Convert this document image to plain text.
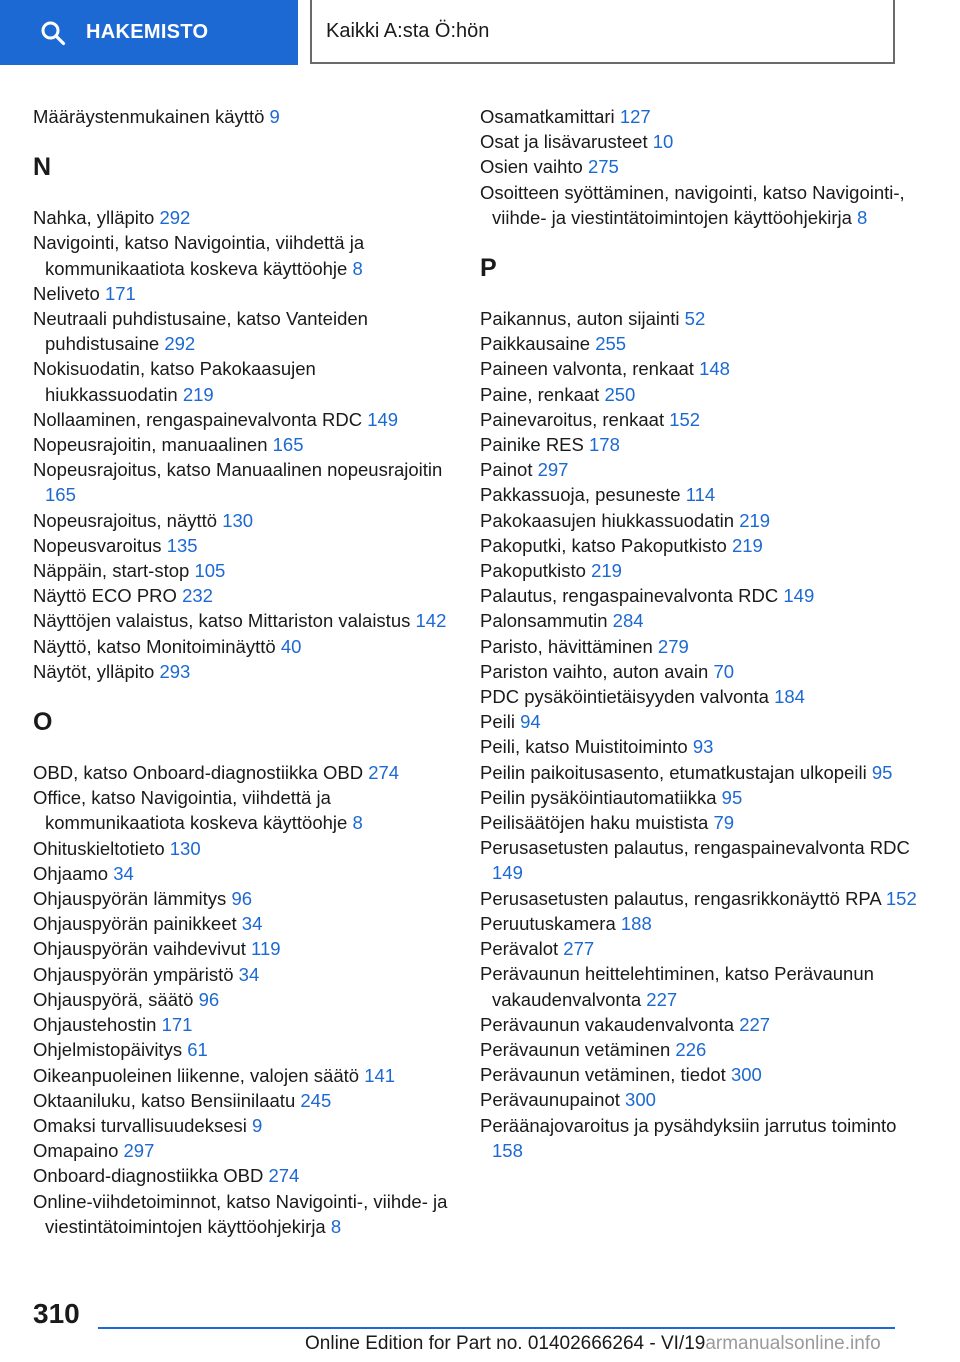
HAKEMISTO	Kaikki A:sta Ö:hön

Määräystenmukainen käyttö 9

N

Nahka, ylläpito 292

Navigointi, katso Navigointia, viihdettä ja kommunikaatiota koskeva käyttöohje 8

Neliveto 171

Neutraali puhdistusaine, katso Vanteiden puhdistusaine 292

Nokisuodatin, katso Pakokaasujen hiukkassuodatin 219

Nollaaminen, rengaspainevalvonta RDC 149

Nopeusrajoitin, manuaalinen 165

Nopeusrajoitus, katso Manuaalinen nopeusrajoitin 165

Nopeusrajoitus, näyttö 130

Nopeusvaroitus 135

Näppäin, start-stop 105

Näyttö ECO PRO 232

Näyttöjen valaistus, katso Mittariston valaistus 142

Näyttö, katso Monitoiminäyttö 40

Näytöt, ylläpito 293

O

OBD, katso Onboard-diagnostiikka OBD 274

Office, katso Navigointia, viihdettä ja kommunikaatiota koskeva käyttöohje 8

Ohituskieltotieto 130

Ohjaamo 34

Ohjauspyörän lämmitys 96

Ohjauspyörän painikkeet 34

Ohjauspyörän vaihdevivut 119

Ohjauspyörän ympäristö 34

Ohjauspyörä, säätö 96

Ohjaustehostin 171

Ohjelmistopäivitys 61

Oikeanpuoleinen liikenne, valojen säätö 141

Oktaaniluku, katso Bensiinilaatu 245

Omaksi turvallisuudeksesi 9

Omapaino 297

Onboard-diagnostiikka OBD 274

Online-viihdetoiminnot, katso Navigointi-, viihde- ja viestintätoimintojen käyttöohjekirja 8

Osamatkamittari 127

Osat ja lisävarusteet 10

Osien vaihto 275

Osoitteen syöttäminen, navigointi, katso Navigointi-, viihde- ja viestintätoimintojen käyttöohjekirja 8

P

Paikannus, auton sijainti 52

Paikkausaine 255

Paineen valvonta, renkaat 148

Paine, renkaat 250

Painevaroitus, renkaat 152

Painike RES 178

Painot 297

Pakkassuoja, pesuneste 114

Pakokaasujen hiukkassuodatin 219

Pakoputki, katso Pakoputkisto 219

Pakoputkisto 219

Palautus, rengaspainevalvonta RDC 149

Palonsammutin 284

Paristo, hävittäminen 279

Pariston vaihto, auton avain 70

PDC pysäköintietäisyyden valvonta 184

Peili 94

Peili, katso Muistitoiminto 93

Peilin paikoitusasento, etumatkustajan ulkopeili 95

Peilin pysäköintiautomatiikka 95

Peilisäätöjen haku muistista 79

Perusasetusten palautus, rengaspainevalvonta RDC 149

Perusasetusten palautus, rengasrikkonäyttö RPA 152

Peruutuskamera 188

Perävalot 277

Perävaunun heittelehtiminen, katso Perävaunun vakaudenvalvonta 227

Perävaunun vakaudenvalvonta 227

Perävaunun vetäminen 226

Perävaunun vetäminen, tiedot 300

Perävaunupainot 300

Peräänajovaroitus ja pysähdyksiin jarrutus toiminto 158

310
Online Edition for Part no. 01402666264 - VI/19armanualsonline.info
